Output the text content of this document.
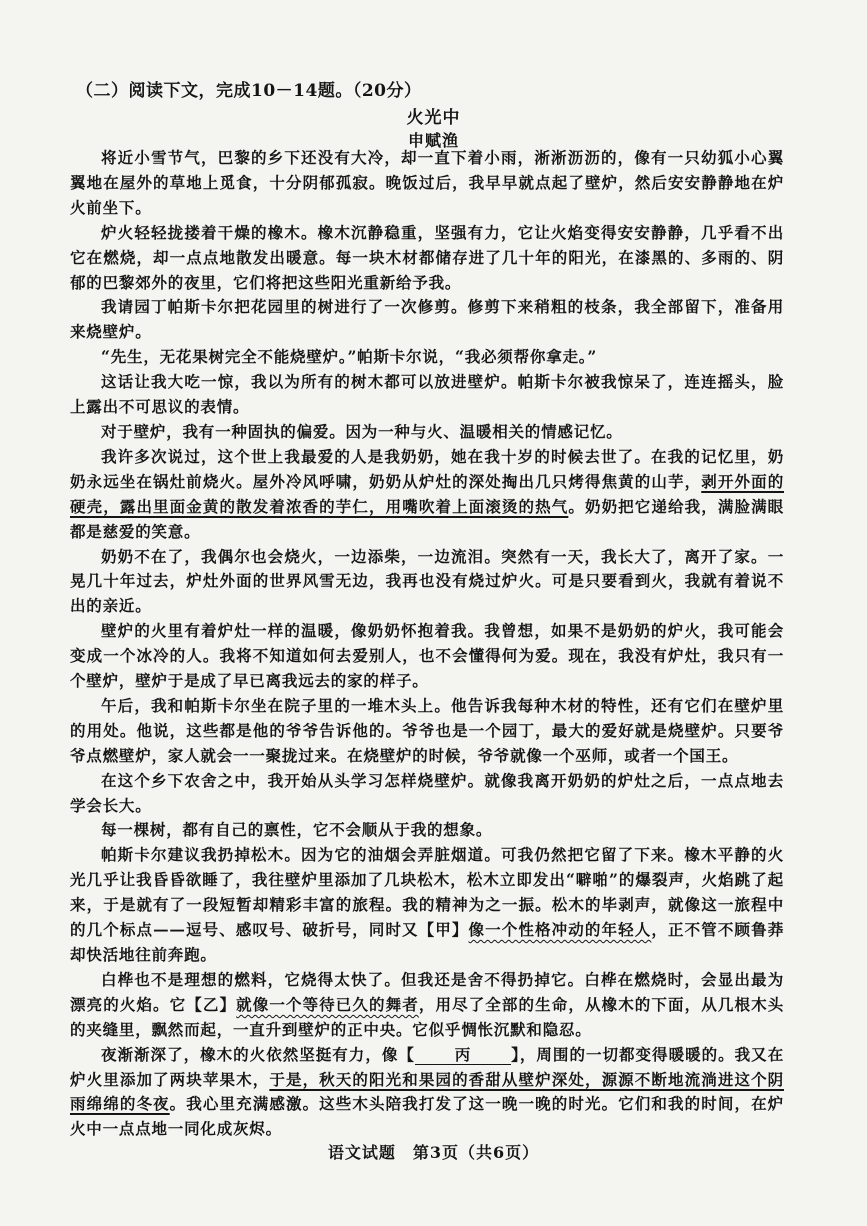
（二）阅读下文，完成10－14题。（20分）
火光中
申赋渔

将近小雪节气，巴黎的乡下还没有大冷，却一直下着小雨，淅淅沥沥的，像有一只幼狐小心翼翼地在屋外的草地上觅食，十分阴郁孤寂。晚饭过后，我早早就点起了壁炉，然后安安静静地在炉火前坐下。

炉火轻轻拢搂着干燥的橡木。橡木沉静稳重，坚强有力，它让火焰变得安安静静，几乎看不出它在燃烧，却一点点地散发出暖意。每一块木材都储存进了几十年的阳光，在漆黑的、多雨的、阴郁的巴黎郊外的夜里，它们将把这些阳光重新给予我。

我请园丁帕斯卡尔把花园里的树进行了一次修剪。修剪下来稍粗的枝条，我全部留下，准备用来烧壁炉。

“先生，无花果树完全不能烧壁炉。”帕斯卡尔说，“我必须帮你拿走。”

这话让我大吃一惊，我以为所有的树木都可以放进壁炉。帕斯卡尔被我惊呆了，连连摇头，脸上露出不可思议的表情。

对于壁炉，我有一种固执的偏爱。因为一种与火、温暖相关的情感记忆。

我许多次说过，这个世上我最爱的人是我奶奶，她在我十岁的时候去世了。在我的记忆里，奶奶永远坐在锅灶前烧火。屋外冷风呼啸，奶奶从炉灶的深处掏出几只烤得焦黄的山芋，剥开外面的硬壳，露出里面金黄的散发着浓香的芋仁，用嘴吹着上面滚烫的热气。奶奶把它递给我，满脸满眼都是慈爱的笑意。

奶奶不在了，我偶尔也会烧火，一边添柴，一边流泪。突然有一天，我长大了，离开了家。一晃几十年过去，炉灶外面的世界风雪无边，我再也没有烧过炉火。可是只要看到火，我就有着说不出的亲近。

壁炉的火里有着炉灶一样的温暖，像奶奶怀抱着我。我曾想，如果不是奶奶的炉火，我可能会变成一个冰冷的人。我将不知道如何去爱别人，也不会懂得何为爱。现在，我没有炉灶，我只有一个壁炉，壁炉于是成了早已离我远去的家的样子。

午后，我和帕斯卡尔坐在院子里的一堆木头上。他告诉我每种木材的特性，还有它们在壁炉里的用处。他说，这些都是他的爷爷告诉他的。爷爷也是一个园丁，最大的爱好就是烧壁炉。只要爷爷点燃壁炉，家人就会一一聚拢过来。在烧壁炉的时候，爷爷就像一个巫师，或者一个国王。

在这个乡下农舍之中，我开始从头学习怎样烧壁炉。就像我离开奶奶的炉灶之后，一点点地去学会长大。

每一棵树，都有自己的禀性，它不会顺从于我的想象。

帕斯卡尔建议我扔掉松木。因为它的油烟会弄脏烟道。可我仍然把它留了下来。橡木平静的火光几乎让我昏昏欲睡了，我往壁炉里添加了几块松木，松木立即发出“噼啪”的爆裂声，火焰跳了起来，于是就有了一段短暂却精彩丰富的旅程。我的精神为之一振。松木的毕剥声，就像这一旅程中的几个标点——逗号、感叹号、破折号，同时又【甲】像一个性格冲动的年轻人，正不管不顾鲁莽却快活地往前奔跑。

白桦也不是理想的燃料，它烧得太快了。但我还是舍不得扔掉它。白桦在燃烧时，会显出最为漂亮的火焰。它【乙】就像一个等待已久的舞者，用尽了全部的生命，从橡木的下面，从几根木头的夹缝里，飘然而起，一直升到壁炉的正中央。它似乎惆怅沉默和隐忍。

夜渐渐深了，橡木的火依然坚挺有力，像【	丙	】，周围的一切都变得暖暖的。我又在炉火里添加了两块苹果木，于是，秋天的阳光和果园的香甜从壁炉深处，源源不断地流淌进这个阴雨绵绵的冬夜。我心里充满感激。这些木头陪我打发了这一晚一晚的时光。它们和我的时间，在炉火中一点点地一同化成灰烬。

语文试题　第3页（共6页）
